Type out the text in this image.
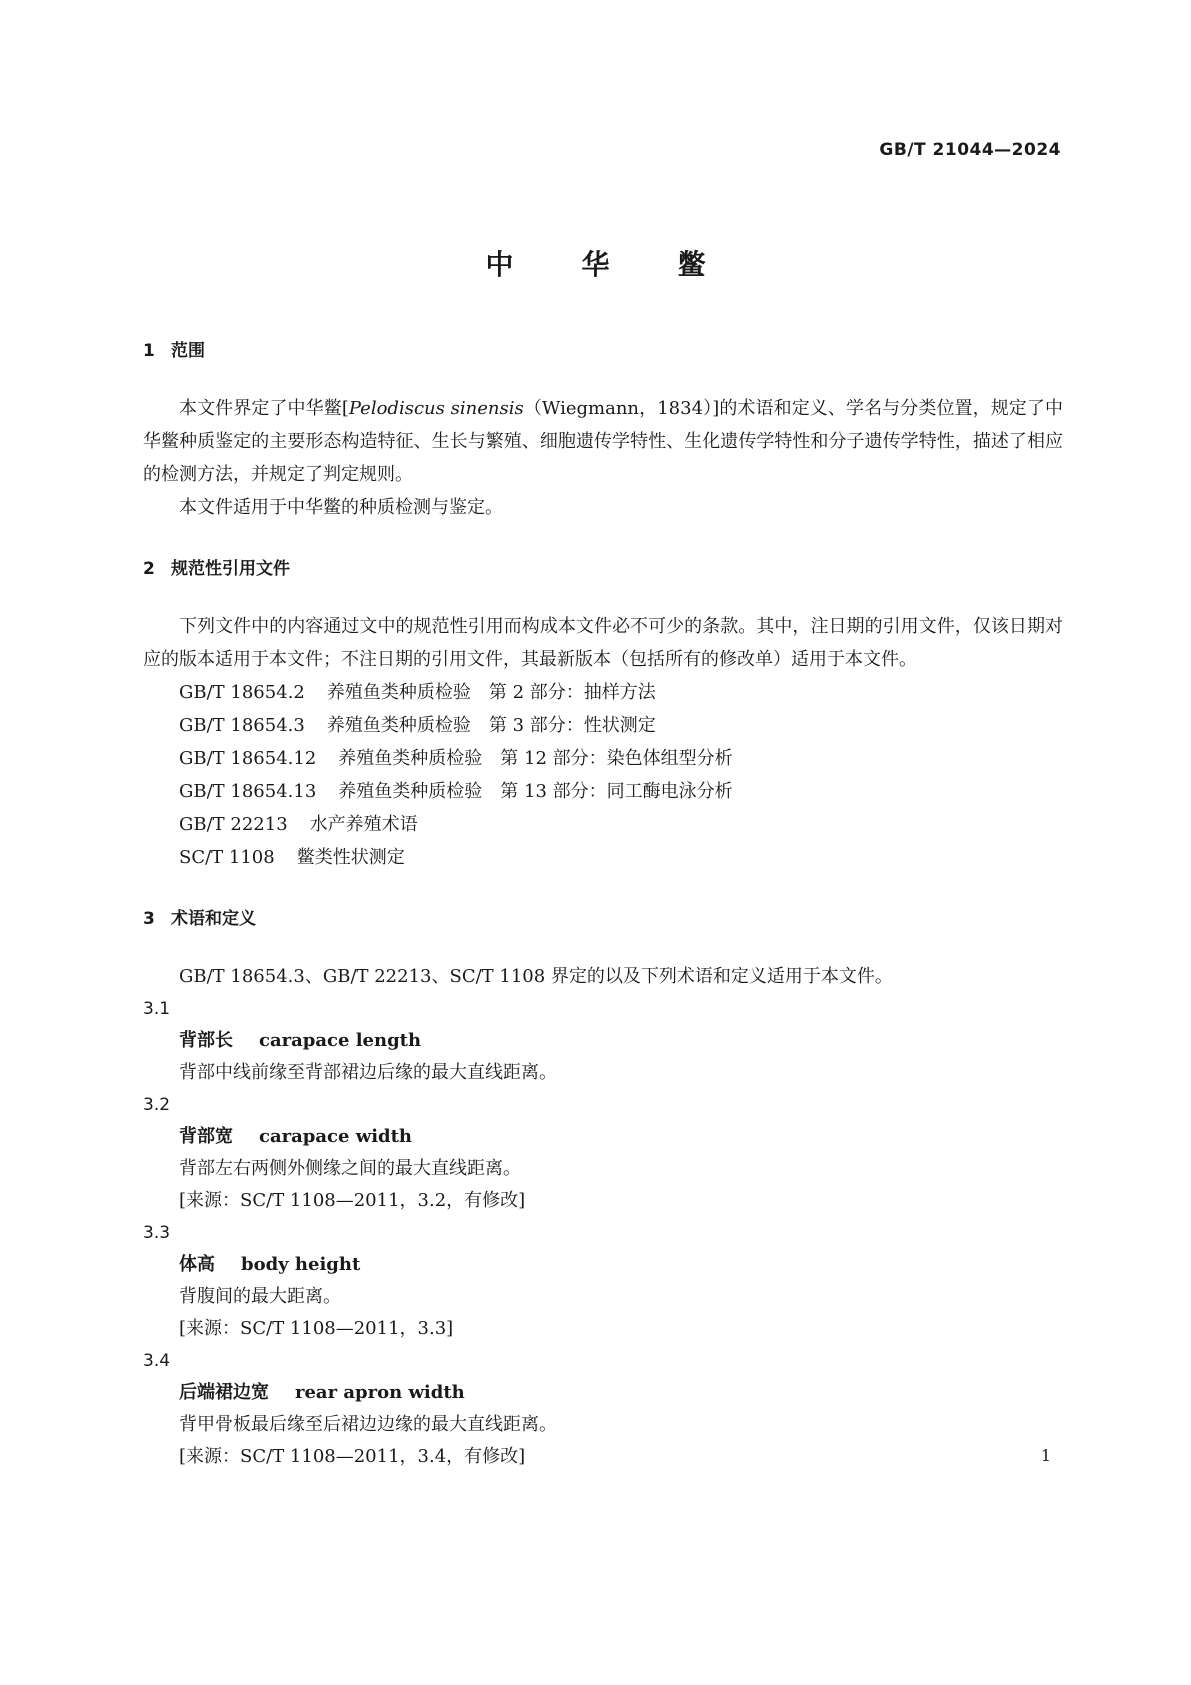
GB/T 21044—2024
中 华 鳖
1 范围
本文件界定了中华鳖[Pelodiscus sinensis（Wiegmann，1834）]的术语和定义、学名与分类位置，规定了中华鳖种质鉴定的主要形态构造特征、生长与繁殖、细胞遗传学特性、生化遗传学特性和分子遗传学特性，描述了相应的检测方法，并规定了判定规则。
本文件适用于中华鳖的种质检测与鉴定。
2 规范性引用文件
下列文件中的内容通过文中的规范性引用而构成本文件必不可少的条款。其中，注日期的引用文件，仅该日期对应的版本适用于本文件；不注日期的引用文件，其最新版本（包括所有的修改单）适用于本文件。
GB/T 18654.2 养殖鱼类种质检验 第 2 部分：抽样方法
GB/T 18654.3 养殖鱼类种质检验 第 3 部分：性状测定
GB/T 18654.12 养殖鱼类种质检验 第 12 部分：染色体组型分析
GB/T 18654.13 养殖鱼类种质检验 第 13 部分：同工酶电泳分析
GB/T 22213 水产养殖术语
SC/T 1108 鳖类性状测定
3 术语和定义
GB/T 18654.3、GB/T 22213、SC/T 1108 界定的以及下列术语和定义适用于本文件。
3.1
背部长 carapace length
背部中线前缘至背部裙边后缘的最大直线距离。
3.2
背部宽 carapace width
背部左右两侧外侧缘之间的最大直线距离。
[来源：SC/T 1108—2011，3.2，有修改]
3.3
体高 body height
背腹间的最大距离。
[来源：SC/T 1108—2011，3.3]
3.4
后端裙边宽 rear apron width
背甲骨板最后缘至后裙边边缘的最大直线距离。
[来源：SC/T 1108—2011，3.4，有修改]	1
